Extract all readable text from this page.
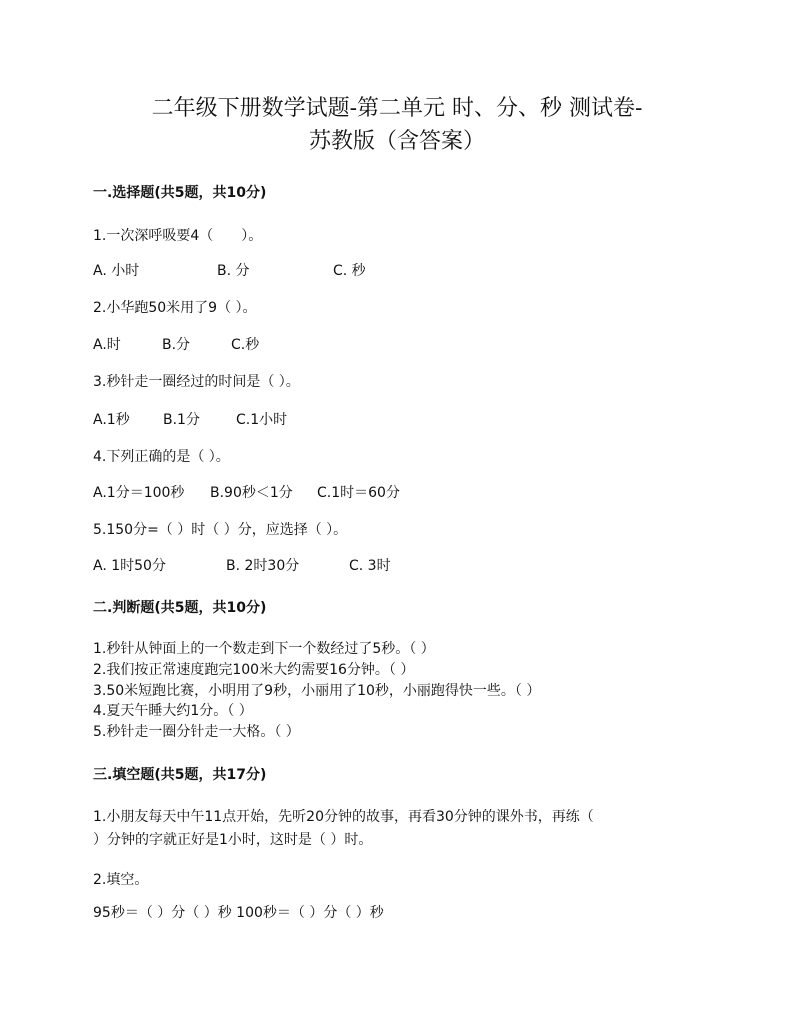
二年级下册数学试题-第二单元 时、分、秒 测试卷-
苏教版（含答案）
一.选择题(共5题，共10分)
1.一次深呼吸要4（　　）。
A. 小时	B. 分	C. 秒
2.小华跑50米用了9（ ）。
A.时	B.分	C.秒
3.秒针走一圈经过的时间是（ ）。
A.1秒 B.1分	C.1小时
4.下列正确的是（ ）。
A.1分＝100秒 B.90秒＜1分 C.1时＝60分
5.150分=（ ）时（ ）分，应选择（ ）。
A. 1时50分	B. 2时30分	C. 3时
二.判断题(共5题，共10分)
1.秒针从钟面上的一个数走到下一个数经过了5秒。（ ）
2.我们按正常速度跑完100米大约需要16分钟。（ ）
3.50米短跑比赛，小明用了9秒，小丽用了10秒，小丽跑得快一些。（ ）
4.夏天午睡大约1分。（ ）
5.秒针走一圈分针走一大格。（ ）
三.填空题(共5题，共17分)
1.小朋友每天中午11点开始，先听20分钟的故事，再看30分钟的课外书，再练（
）分钟的字就正好是1小时，这时是（ ）时。
2.填空。
95秒＝（ ）分（ ）秒 100秒＝（ ）分（ ）秒
